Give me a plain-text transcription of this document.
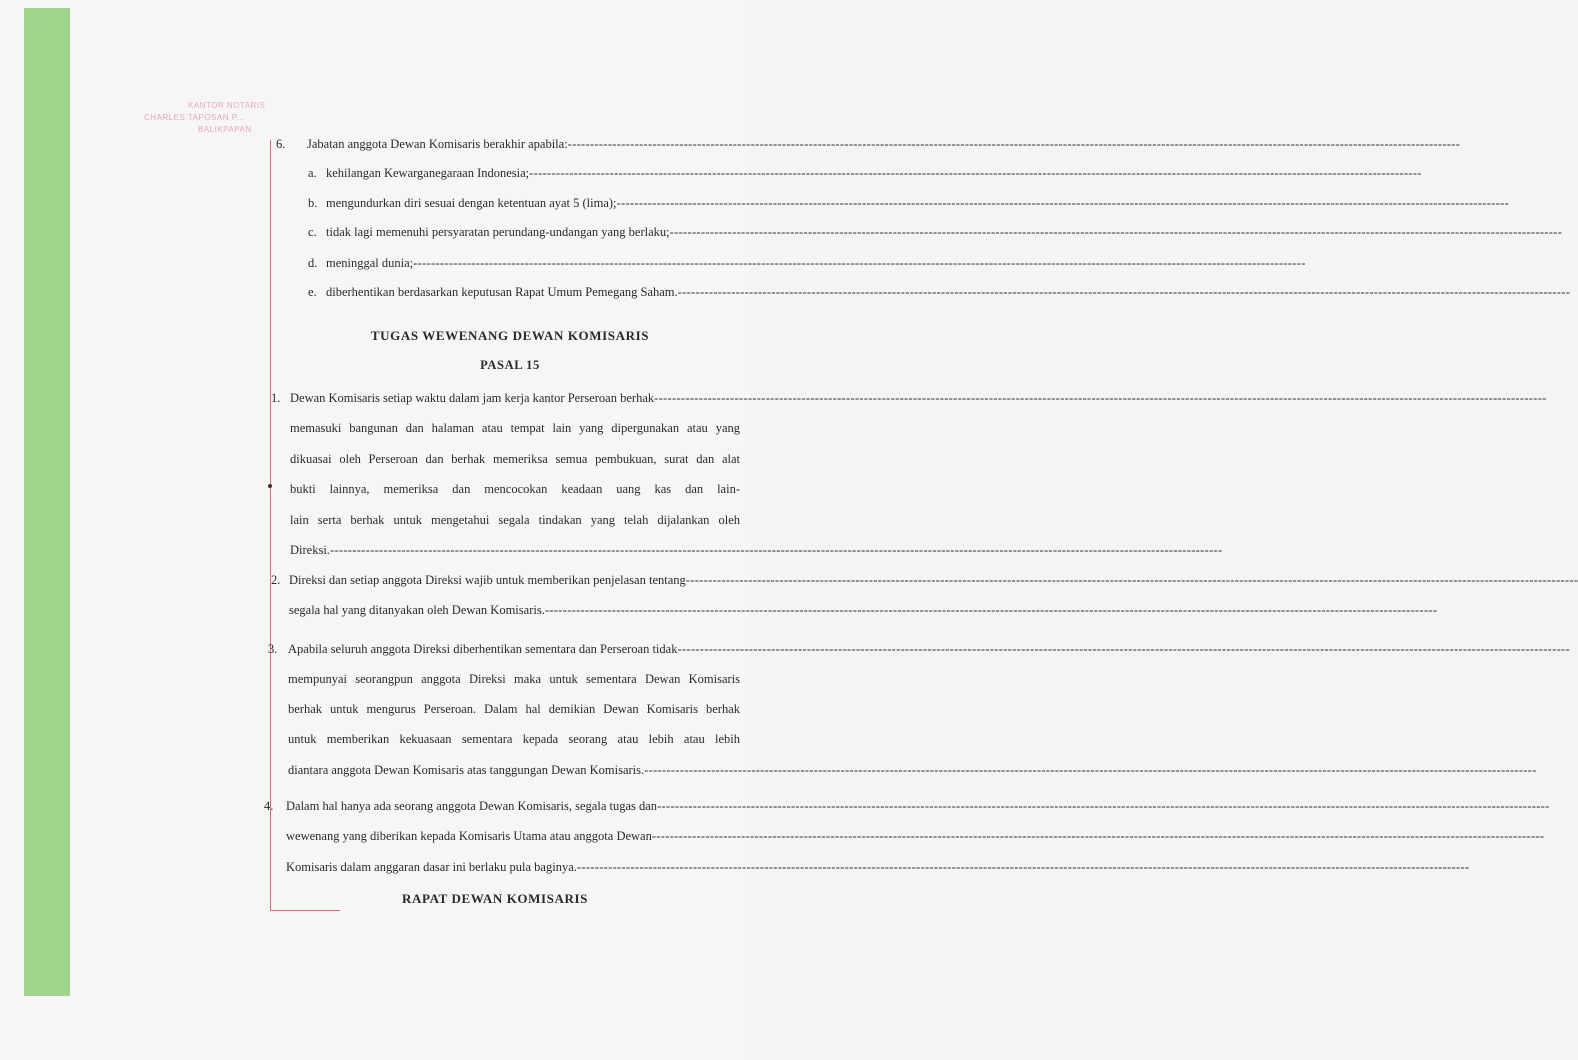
KANTOR NOTARIS
CHARLES TAPOSAN P...
BALIKPAPAN
6. Jabatan anggota Dewan Komisaris berakhir apabila:--------------------------------------------------------------------------------------------------------------------------------------------------------------------------------------------------------
a. kehilangan Kewarganegaraan Indonesia;--------------------------------------------------------------------------------------------------------------------------------------------------------------------------------------------------------
b. mengundurkan diri sesuai dengan ketentuan ayat 5 (lima);--------------------------------------------------------------------------------------------------------------------------------------------------------------------------------------------------------
c. tidak lagi memenuhi persyaratan perundang-undangan yang berlaku;--------------------------------------------------------------------------------------------------------------------------------------------------------------------------------------------------------
d. meninggal dunia;--------------------------------------------------------------------------------------------------------------------------------------------------------------------------------------------------------
e. diberhentikan berdasarkan keputusan Rapat Umum Pemegang Saham.--------------------------------------------------------------------------------------------------------------------------------------------------------------------------------------------------------
TUGAS WEWENANG DEWAN KOMISARIS
PASAL 15
1. Dewan Komisaris setiap waktu dalam jam kerja kantor Perseroan berhak--------------------------------------------------------------------------------------------------------------------------------------------------------------------------------------------------------
memasuki bangunan dan halaman atau tempat lain yang dipergunakan atau yang
dikuasai oleh Perseroan dan berhak memeriksa semua pembukuan, surat dan alat
bukti lainnya, memeriksa dan mencocokan keadaan uang kas dan lain-
lain serta berhak untuk mengetahui segala tindakan yang telah dijalankan oleh
Direksi.--------------------------------------------------------------------------------------------------------------------------------------------------------------------------------------------------------
2. Direksi dan setiap anggota Direksi wajib untuk memberikan penjelasan tentang--------------------------------------------------------------------------------------------------------------------------------------------------------------------------------------------------------
segala hal yang ditanyakan oleh Dewan Komisaris.--------------------------------------------------------------------------------------------------------------------------------------------------------------------------------------------------------
3. Apabila seluruh anggota Direksi diberhentikan sementara dan Perseroan tidak--------------------------------------------------------------------------------------------------------------------------------------------------------------------------------------------------------
mempunyai seorangpun anggota Direksi maka untuk sementara Dewan Komisaris
berhak untuk mengurus Perseroan. Dalam hal demikian Dewan Komisaris berhak
untuk memberikan kekuasaan sementara kepada seorang atau lebih atau lebih
diantara anggota Dewan Komisaris atas tanggungan Dewan Komisaris.--------------------------------------------------------------------------------------------------------------------------------------------------------------------------------------------------------
4. Dalam hal hanya ada seorang anggota Dewan Komisaris, segala tugas dan--------------------------------------------------------------------------------------------------------------------------------------------------------------------------------------------------------
wewenang yang diberikan kepada Komisaris Utama atau anggota Dewan--------------------------------------------------------------------------------------------------------------------------------------------------------------------------------------------------------
Komisaris dalam anggaran dasar ini berlaku pula baginya.--------------------------------------------------------------------------------------------------------------------------------------------------------------------------------------------------------
RAPAT DEWAN KOMISARIS
